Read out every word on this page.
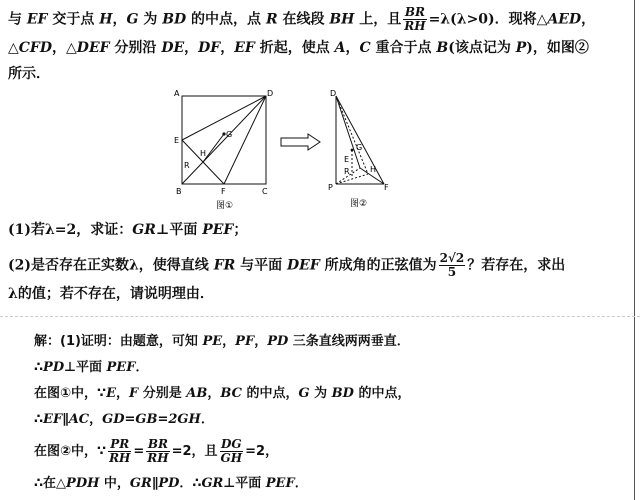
与 EF 交于点 H，G 为 BD 的中点，点 R 在线段 BH 上，且 $\frac{BR}{RH} =\lambda(\lambda>0)$．现将△AED，
△CFD，△DEF 分别沿 DE，DF，EF 折起，使点 A，C 重合于点 B(该点记为 P)，如图②
所示．
A	D
E
H
G
R
B	F	C
图①
D
G
E
R	H
P	F
图②
(1)若λ=2，求证：GR⊥平面 PEF；
(2)是否存在正实数λ，使得直线 FR 与平面 DEF 所成角的正弦值为 $\frac{2√2}{5}$ ？若存在，求出
λ的值；若不存在，请说明理由．
解：(1)证明：由题意，可知 PE，PF，PD 三条直线两两垂直．
∴PD⊥平面 PEF．
在图①中，∵E，F 分别是 AB，BC 的中点，G 为 BD 的中点，
∴EF∥AC，GD=GB=2GH．
在图②中，∵ $\frac{PR}{RH} = \frac{BR}{RH} =2$，且 $\frac{DG}{GH} =2$，
∴在△PDH 中，GR∥PD．∴GR⊥平面 PEF．
